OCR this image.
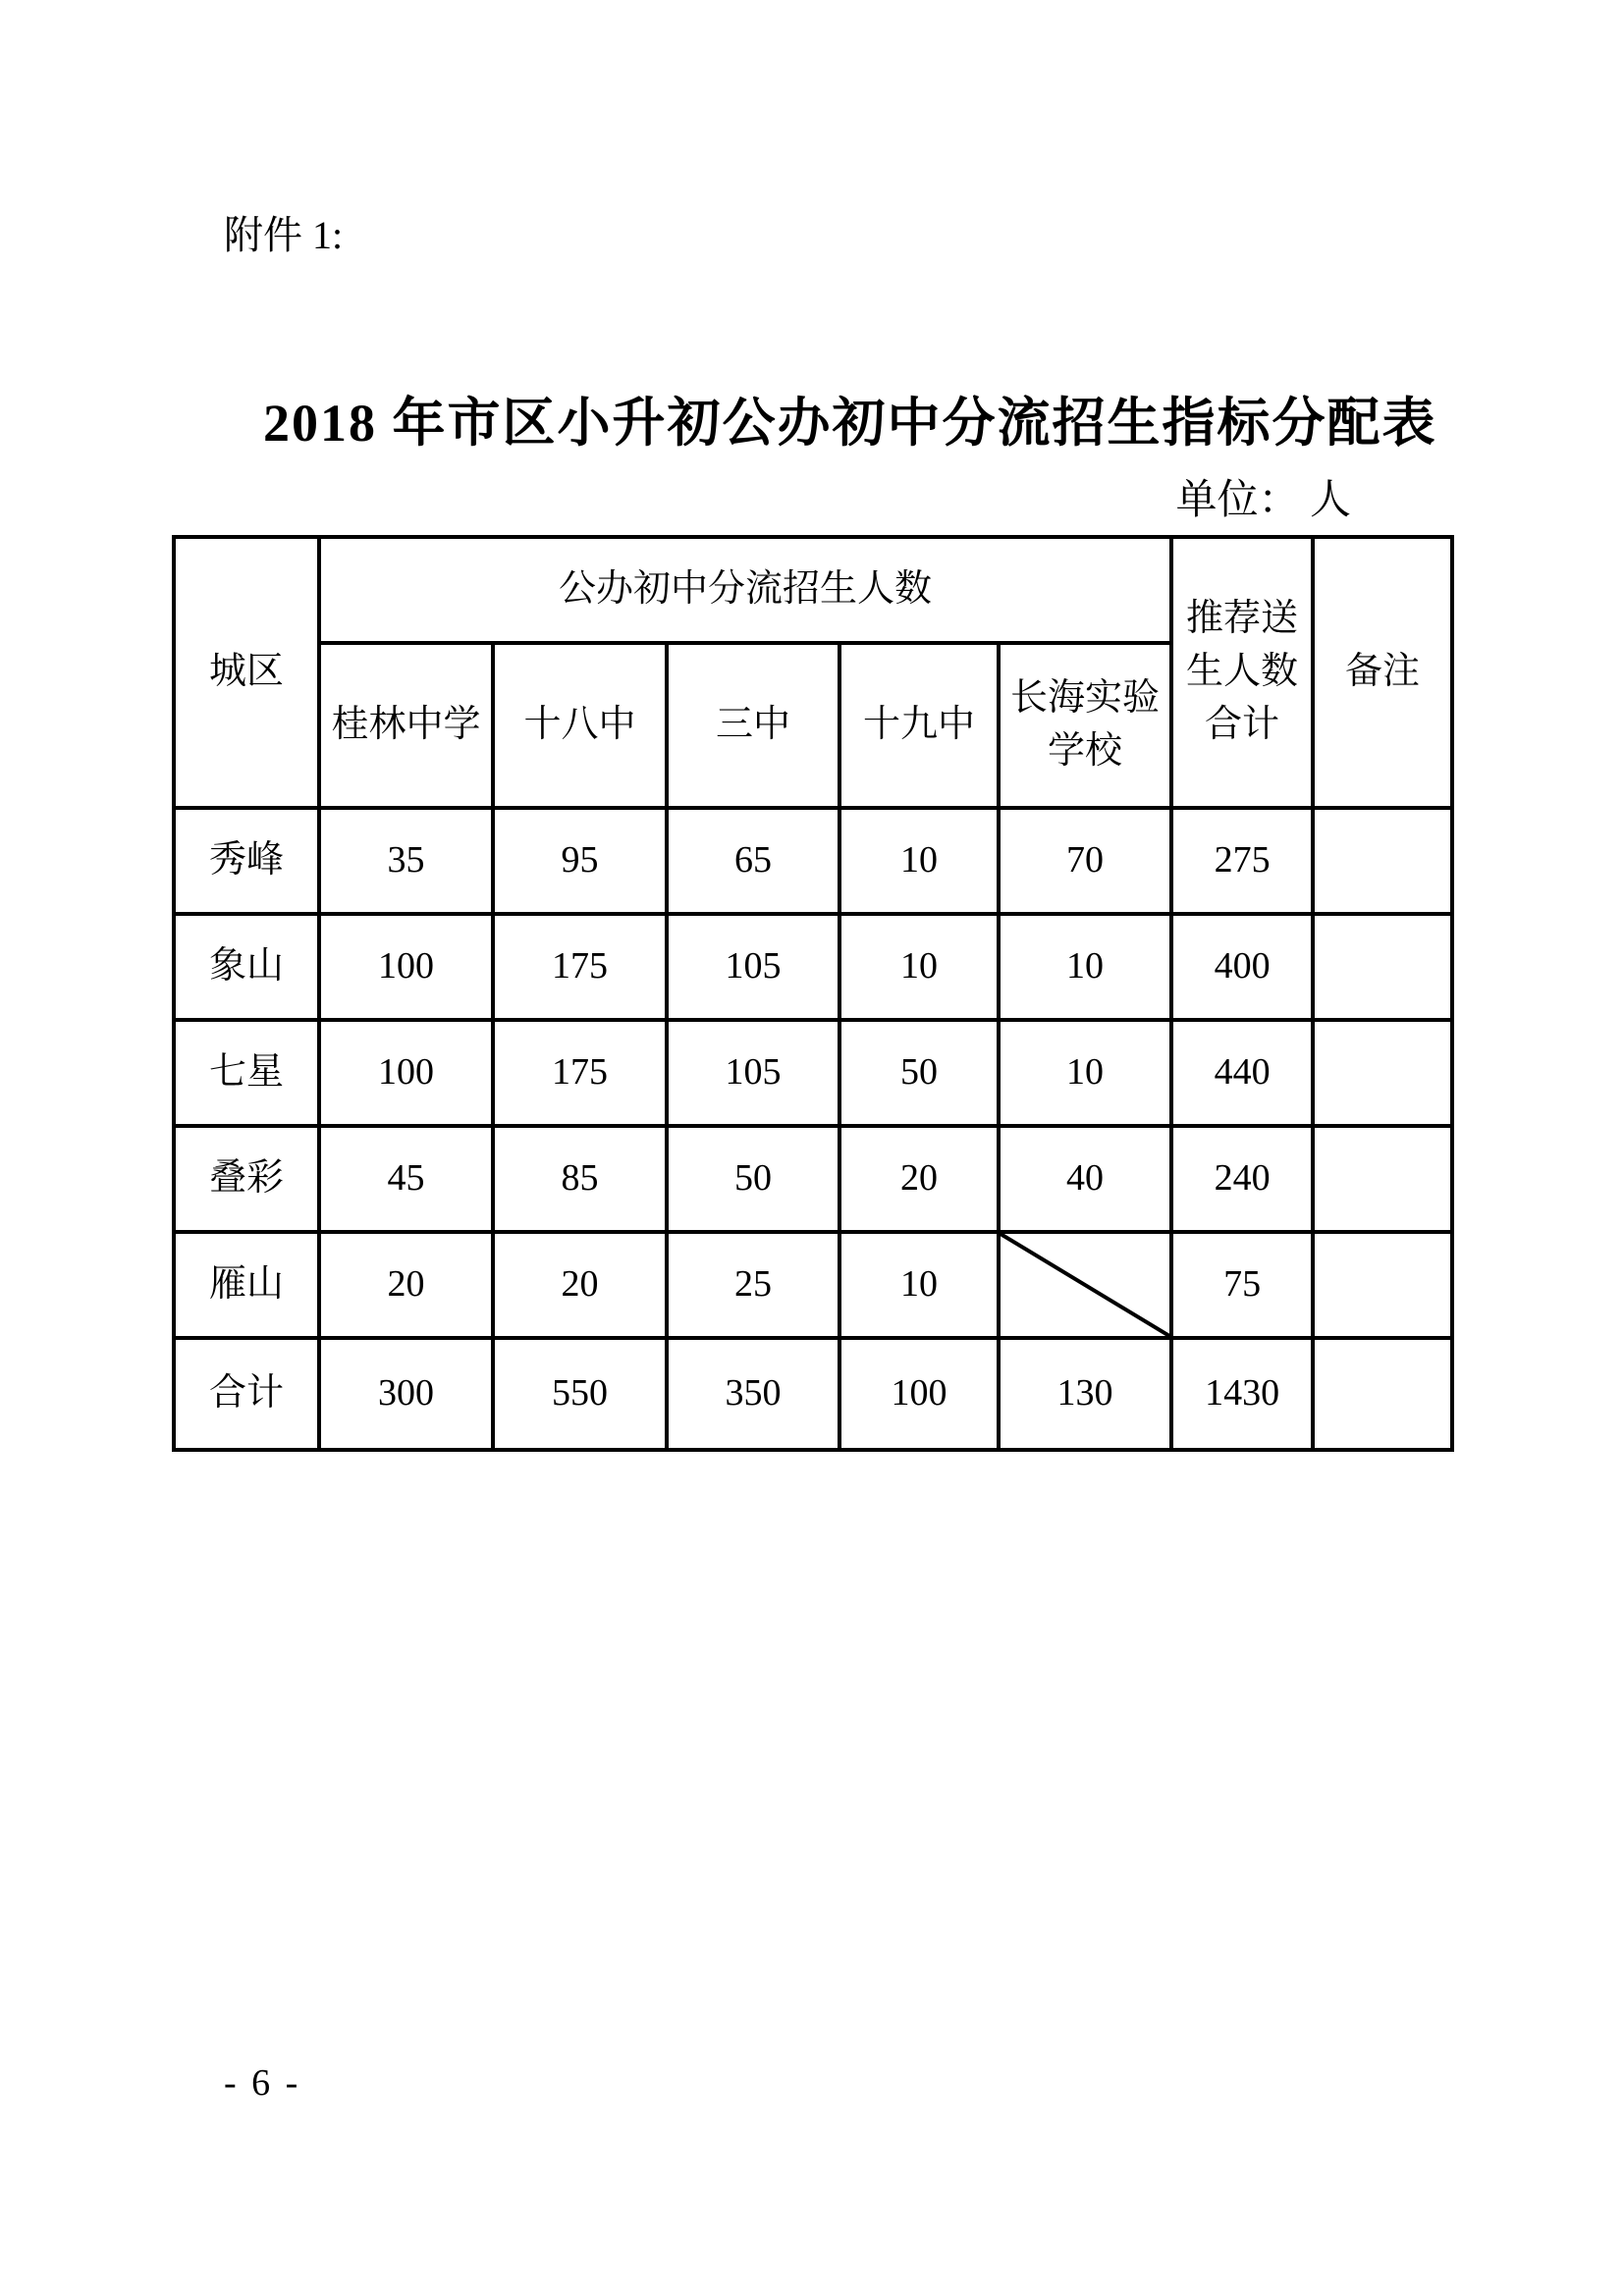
附件 1:
2018 年市区小升初公办初中分流招生指标分配表
单位： 人
城区	公办初中分流招生人数					推荐送生人数合计	备注
	桂林中学	十八中	三中	十九中	长海实验学校		
秀峰	35	95	65	10	70	275	
象山	100	175	105	10	10	400	
七星	100	175	105	50	10	440	
叠彩	45	85	50	20	40	240	
雁山	20	20	25	10		75	
合计	300	550	350	100	130	1430	
- 6 -
